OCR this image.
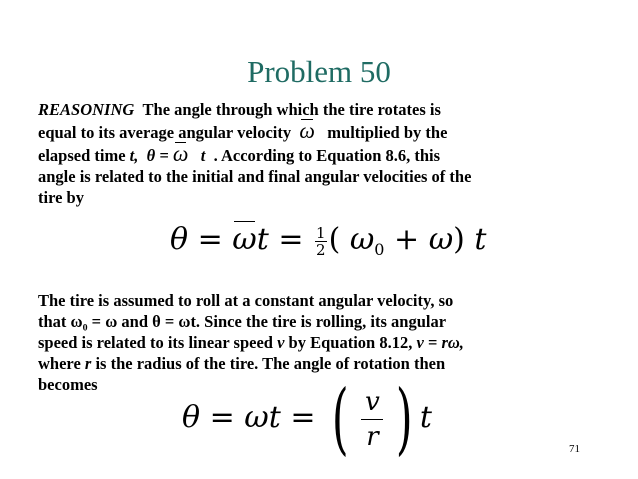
Problem 50
REASONING The angle through which the tire rotates is
equal to its average angular velocity ω multiplied by the
elapsed time t, θ = ω t . According to Equation 8.6, this
angle is related to the initial and final angular velocities of the
tire by
$\theta = \omega t = \frac{1}{2}$ ( $\omega_0 + \omega$) t
The tire is assumed to roll at a constant angular velocity, so
that ω₀ = ω and θ = ωt. Since the tire is rolling, its angular
speed is related to its linear speed v by Equation 8.12, v = rω,
where r is the radius of the tire. The angle of rotation then
becomes
θ = ωt = ( $\frac{v}{r}$ ) t
71
